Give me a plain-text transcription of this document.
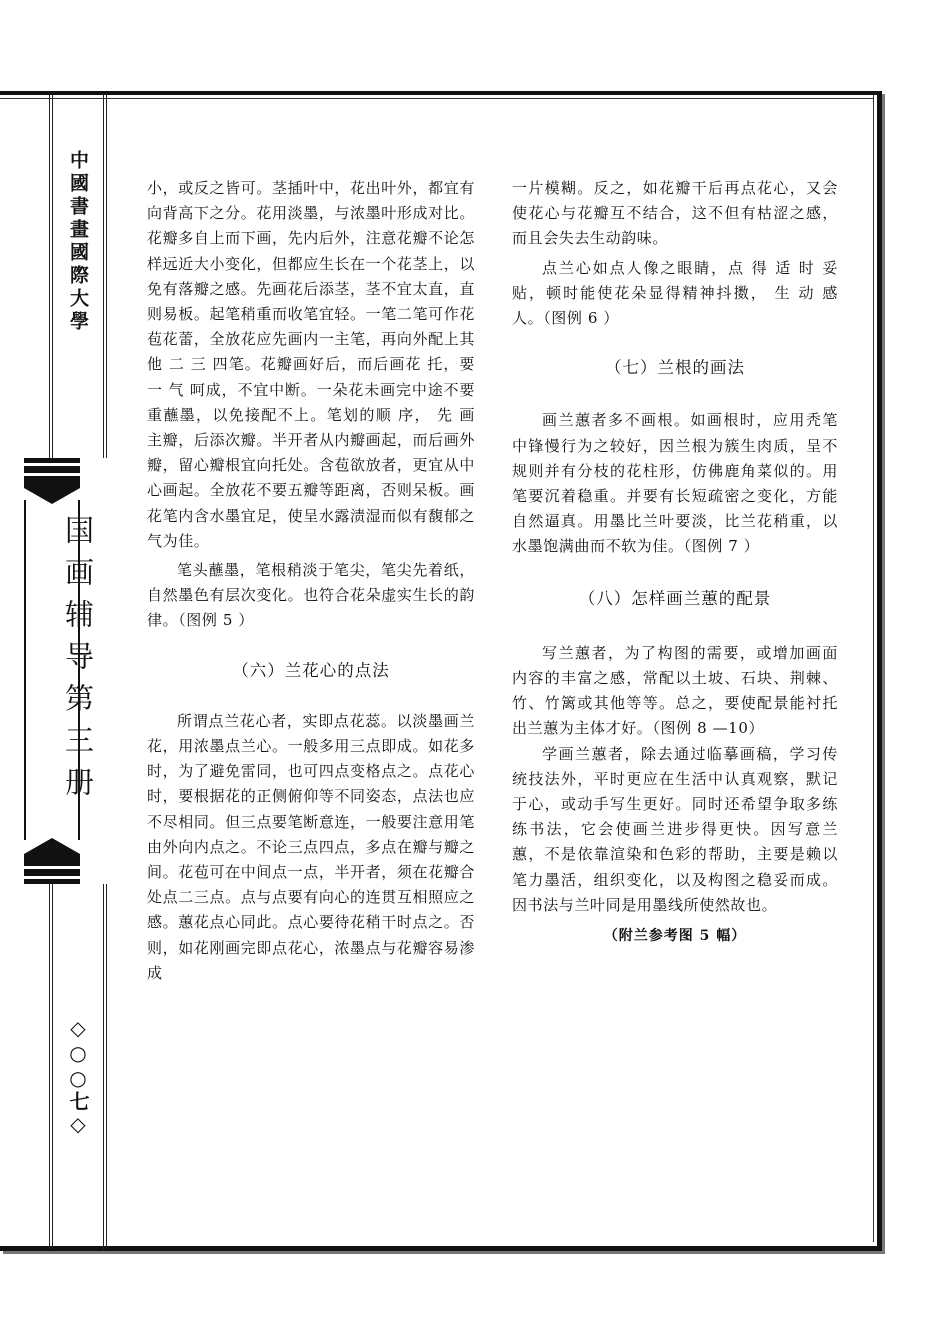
中國書畫國際大學
国画辅导第三册
◇○○七◇

小，或反之皆可。茎插叶中，花出叶外，都宜有向背高下之分。花用淡墨，与浓墨叶形成对比。花瓣多自上而下画，先内后外，注意花瓣不论怎样远近大小变化，但都应生长在一个花茎上，以免有落瓣之感。先画花后添茎，茎不宜太直，直则易板。起笔稍重而收笔宜轻。一笔二笔可作花苞花蕾，全放花应先画内一主笔，再向外配上其他 二 三 四笔。花瓣画好后，而后画花 托，要 一 气 呵成，不宜中断。一朵花未画完中途不要重蘸墨，以免接配不上。笔划的顺 序， 先 画 主瓣，后添次瓣。半开者从内瓣画起，而后画外瓣，留心瓣根宜向托处。含苞欲放者，更宜从中心画起。全放花不要五瓣等距离，否则呆板。画花笔内含水墨宜足，使呈水露渍湿而似有馥郁之气为佳。

笔头蘸墨，笔根稍淡于笔尖，笔尖先着纸，自然墨色有层次变化。也符合花朵虚实生长的韵律。（图例 5 ）

（六）兰花心的点法

所谓点兰花心者，实即点花蕊。以淡墨画兰花，用浓墨点兰心。一般多用三点即成。如花多时，为了避免雷同，也可四点变格点之。点花心时，要根据花的正侧俯仰等不同姿态，点法也应不尽相同。但三点要笔断意连，一般要注意用笔由外向内点之。不论三点四点，多点在瓣与瓣之间。花苞可在中间点一点，半开者，须在花瓣合处点二三点。点与点要有向心的连贯互相照应之感。蕙花点心同此。点心要待花稍干时点之。否则，如花刚画完即点花心，浓墨点与花瓣容易渗成

一片模糊。反之，如花瓣干后再点花心，又会使花心与花瓣互不结合，这不但有枯涩之感，而且会失去生动韵味。

点兰心如点人像之眼睛，点 得 适 时 妥贴，顿时能使花朵显得精神抖擞， 生 动 感人。（图例 6 ）

（七）兰根的画法

画兰蕙者多不画根。如画根时，应用秃笔中锋慢行为之较好，因兰根为簇生肉质，呈不规则并有分枝的花柱形，仿佛鹿角菜似的。用笔要沉着稳重。并要有长短疏密之变化，方能自然逼真。用墨比兰叶要淡，比兰花稍重，以水墨饱满曲而不软为佳。（图例 7 ）

（八）怎样画兰蕙的配景

写兰蕙者，为了构图的需要，或增加画面内容的丰富之感，常配以土坡、石块、荆棘、竹、竹篱或其他等等。总之，要使配景能衬托出兰蕙为主体才好。（图例 8 —10）

学画兰蕙者，除去通过临摹画稿，学习传统技法外，平时更应在生活中认真观察，默记于心，或动手写生更好。同时还希望争取多练练书法，它会使画兰进步得更快。因写意兰蕙，不是依靠渲染和色彩的帮助，主要是赖以笔力墨活，组织变化，以及构图之稳妥而成。因书法与兰叶同是用墨线所使然故也。

（附兰参考图 5 幅）
